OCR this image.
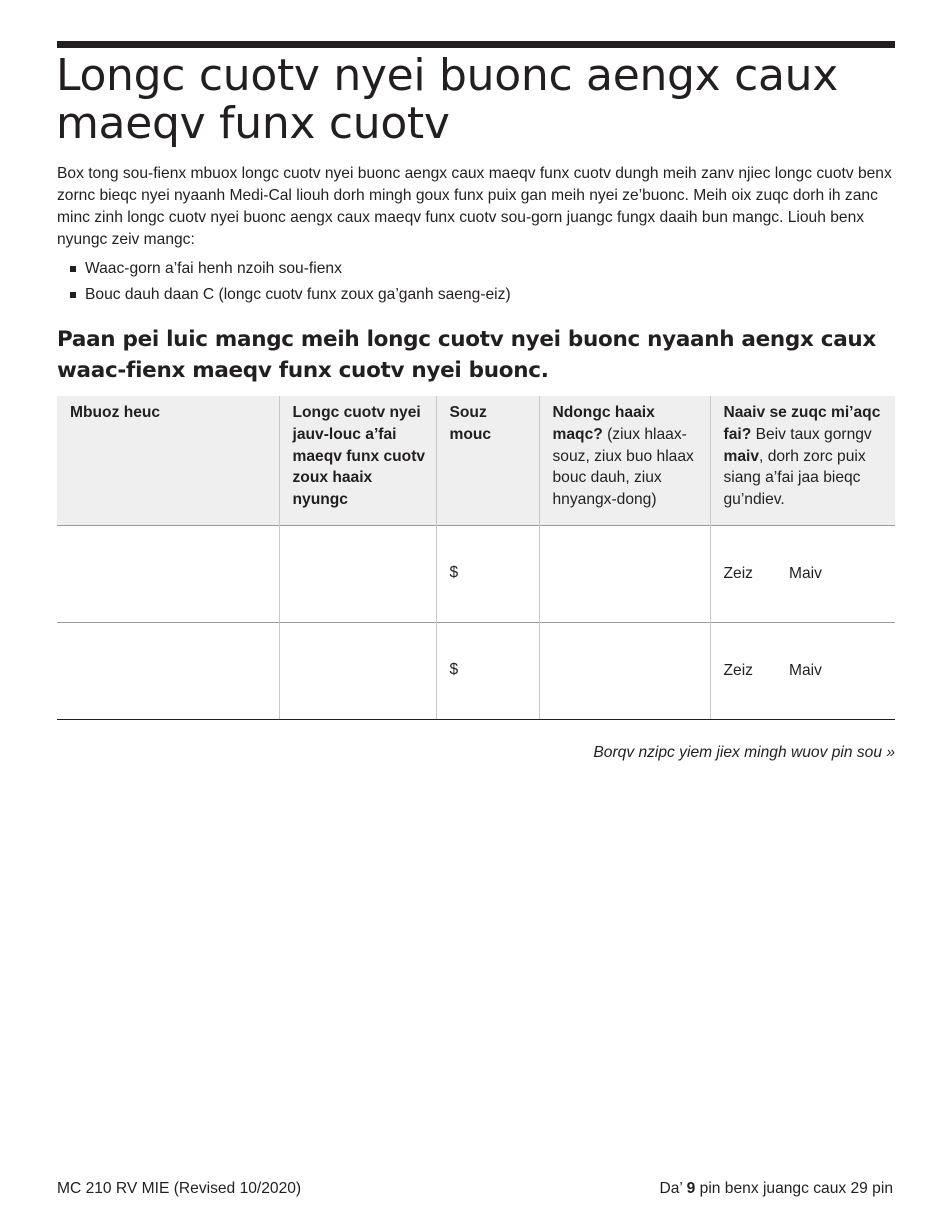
Longc cuotv nyei buonc aengx caux maeqv funx cuotv

Box tong sou-fienx mbuox longc cuotv nyei buonc aengx caux maeqv funx cuotv dungh meih zanv njiec longc cuotv benx zornc bieqc nyei nyaanh Medi-Cal liouh dorh mingh goux funx puix gan meih nyei ze’buonc. Meih oix zuqc dorh ih zanc minc zinh longc cuotv nyei buonc aengx caux maeqv funx cuotv sou-gorn juangc fungx daaih bun mangc. Liouh benx nyungc zeiv mangc:

Waac-gorn a’fai henh nzoih sou-fienx
Bouc dauh daan C (longc cuotv funx zoux ga’ganh saeng-eiz)
Paan pei luic mangc meih longc cuotv nyei buonc nyaanh aengx caux waac-fienx maeqv funx cuotv nyei buonc.
Mbuoz heuc	Longc cuotv nyei jauv-louc a’fai maeqv funx cuotv zoux haaix nyungc	Souz mouc	Ndongc haaix maqc? (ziux hlaax-souz, ziux buo hlaax bouc dauh, ziux hnyangx-dong)	Naaiv se zuqc mi’aqc fai? Beiv taux gorngv maiv, dorh zorc puix siang a’fai jaa bieqc gu’ndiev.
		$		Zeiz Maiv
		$		Zeiz Maiv

Borqv nzipc yiem jiex mingh wuov pin sou »

MC 210 RV MIE (Revised 10/2020)	Da’ 9 pin benx juangc caux 29 pin
